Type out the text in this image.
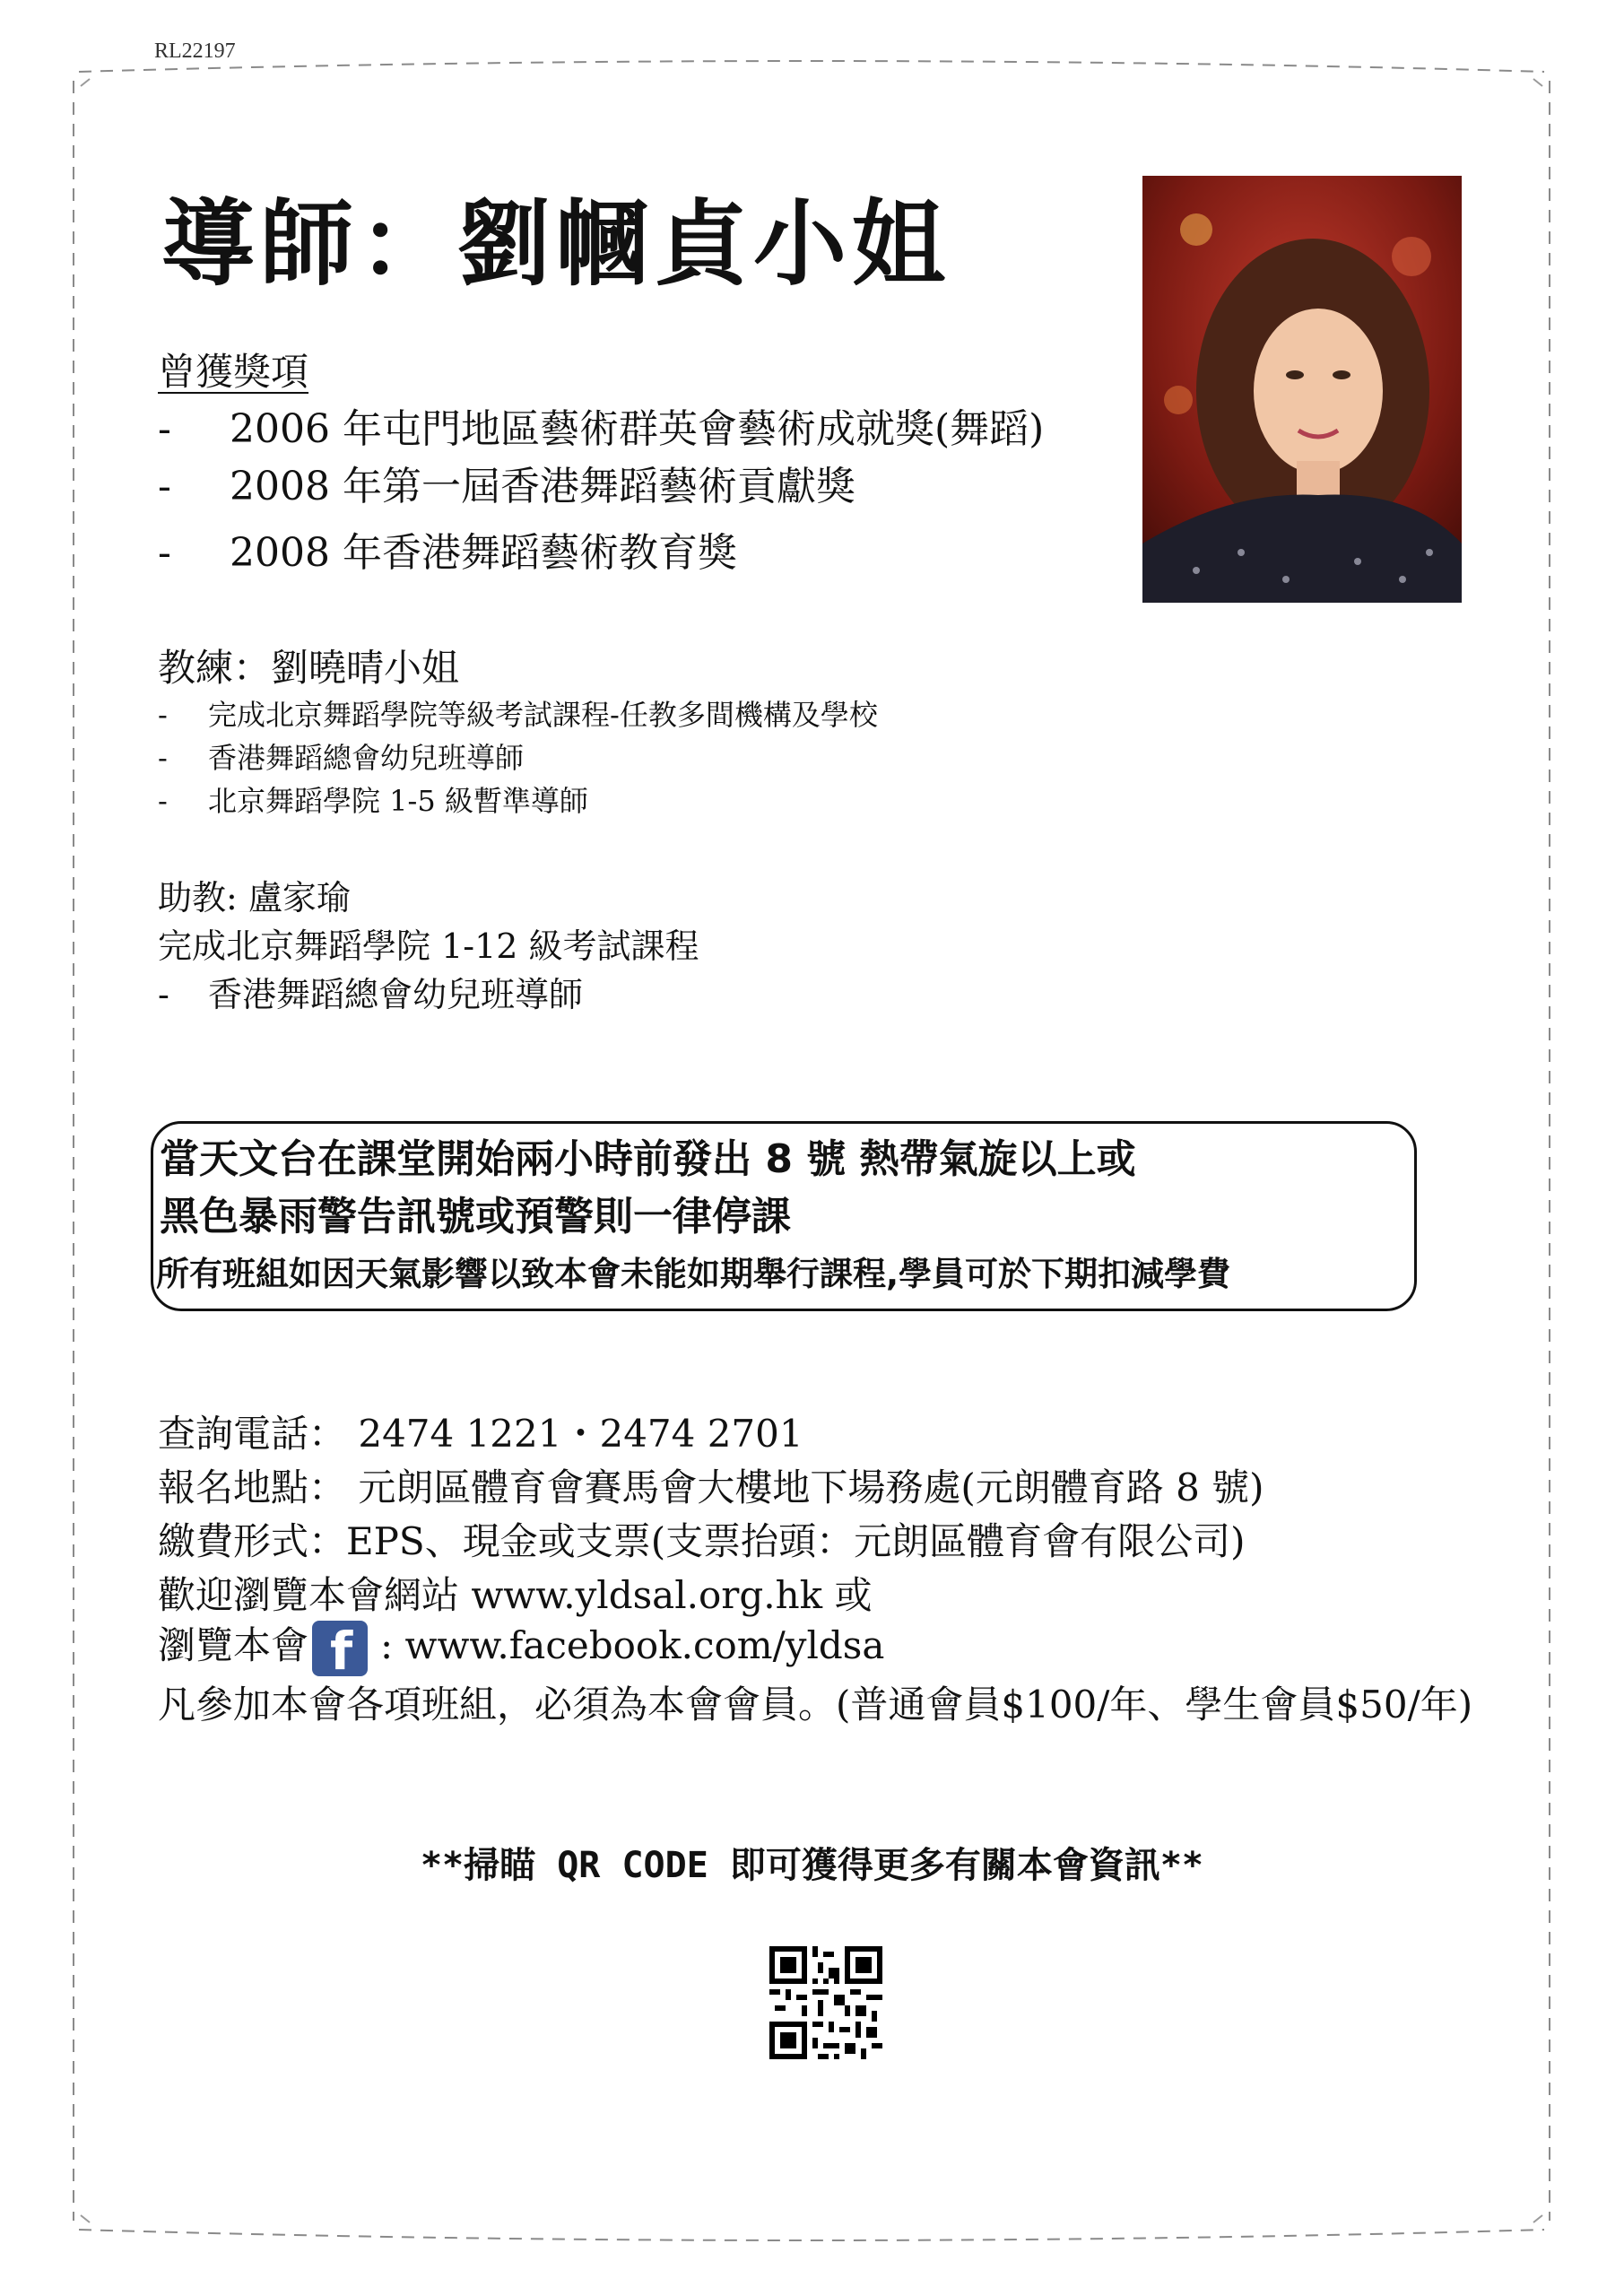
RL22197
導師：劉幗貞小姐
曾獲獎項
- 2006 年屯門地區藝術群英會藝術成就獎(舞蹈)
- 2008 年第一屆香港舞蹈藝術貢獻獎
- 2008 年香港舞蹈藝術教育獎
教練：劉曉晴小姐
- 完成北京舞蹈學院等級考試課程-任教多間機構及學校
- 香港舞蹈總會幼兒班導師
- 北京舞蹈學院 1-5 級暫準導師
助教: 盧家瑜
完成北京舞蹈學院 1-12 級考試課程
- 香港舞蹈總會幼兒班導師
當天文台在課堂開始兩小時前發出 8 號 熱帶氣旋以上或
黑色暴雨警告訊號或預警則一律停課
所有班組如因天氣影響以致本會未能如期舉行課程,學員可於下期扣減學費
查詢電話： 2474 1221・2474 2701
報名地點： 元朗區體育會賽馬會大樓地下場務處(元朗體育路 8 號)
繳費形式：EPS、現金或支票(支票抬頭：元朗區體育會有限公司)
歡迎瀏覽本會網站 www.yldsal.org.hk 或
瀏覽本會 f : www.facebook.com/yldsa
凡參加本會各項班組，必須為本會會員。(普通會員$100/年、學生會員$50/年)
**掃瞄 QR CODE 即可獲得更多有關本會資訊**
